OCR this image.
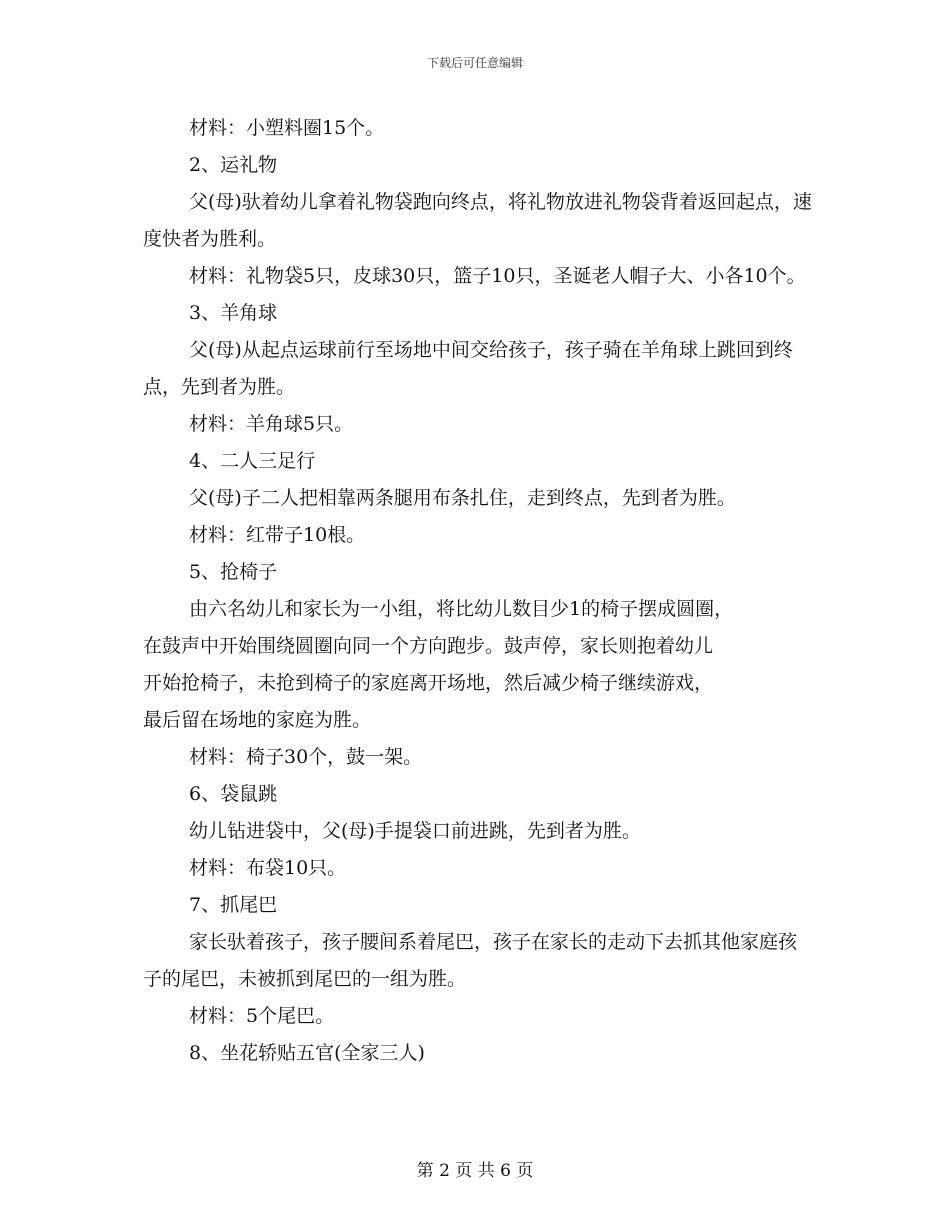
下载后可任意编辑

材料：小塑料圈15个。

2、运礼物

父(母)驮着幼儿拿着礼物袋跑向终点，将礼物放进礼物袋背着返回起点，速度快者为胜利。

材料：礼物袋5只，皮球30只，篮子10只，圣诞老人帽子大、小各10个。

3、羊角球

父(母)从起点运球前行至场地中间交给孩子，孩子骑在羊角球上跳回到终点，先到者为胜。

材料：羊角球5只。

4、二人三足行

父(母)子二人把相靠两条腿用布条扎住，走到终点，先到者为胜。

材料：红带子10根。

5、抢椅子

由六名幼儿和家长为一小组，将比幼儿数目少1的椅子摆成圆圈，

在鼓声中开始围绕圆圈向同一个方向跑步。鼓声停，家长则抱着幼儿

开始抢椅子，未抢到椅子的家庭离开场地，然后减少椅子继续游戏，

最后留在场地的家庭为胜。

材料：椅子30个，鼓一架。

6、袋鼠跳

幼儿钻进袋中，父(母)手提袋口前进跳，先到者为胜。

材料：布袋10只。

7、抓尾巴

家长驮着孩子，孩子腰间系着尾巴，孩子在家长的走动下去抓其他家庭孩子的尾巴，未被抓到尾巴的一组为胜。

材料：5个尾巴。

8、坐花轿贴五官(全家三人)

第 2 页 共 6 页
